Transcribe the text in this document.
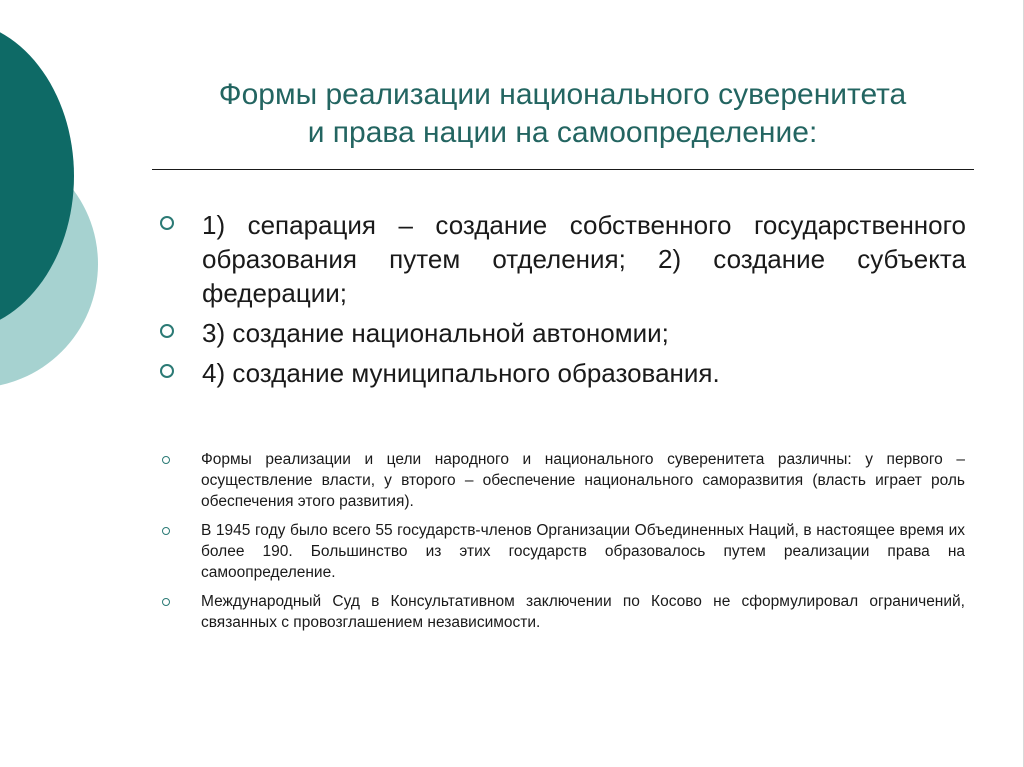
Формы реализации национального суверенитета
и права нации на самоопределение:
1) сепарация – создание собственного государственного образования путем отделения; 2) создание субъекта федерации;
3) создание национальной автономии;
4) создание муниципального образования.
Формы реализации и цели народного и национального суверенитета различны: у первого – осуществление власти, у второго – обеспечение национального саморазвития (власть играет роль обеспечения этого развития).
В 1945 году было всего 55 государств-членов Организации Объединенных Наций, в настоящее время их более 190. Большинство из этих государств образовалось путем реализации права на самоопределение.
Международный Суд в Консультативном заключении по Косово не сформулировал ограничений, связанных с провозглашением независимости.
